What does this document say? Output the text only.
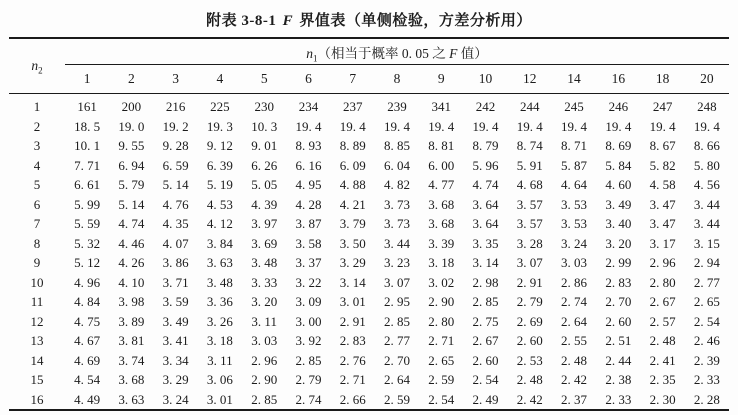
附表 3-8-1 F 界值表（单侧检验，方差分析用）
$n_2$	$n_1$（相当于概率 0. 05 之 F 值）														
	1	2	3	4	5	6	7	8	9	10	12	14	16	18	20
1	161	200	216	225	230	234	237	239	341	242	244	245	246	247	248
2	18. 5	19. 0	19. 2	19. 3	10. 3	19. 4	19. 4	19. 4	19. 4	19. 4	19. 4	19. 4	19. 4	19. 4	19. 4
3	10. 1	9. 55	9. 28	9. 12	9. 01	8. 93	8. 89	8. 85	8. 81	8. 79	8. 74	8. 71	8. 69	8. 67	8. 66
4	7. 71	6. 94	6. 59	6. 39	6. 26	6. 16	6. 09	6. 04	6. 00	5. 96	5. 91	5. 87	5. 84	5. 82	5. 80
5	6. 61	5. 79	5. 14	5. 19	5. 05	4. 95	4. 88	4. 82	4. 77	4. 74	4. 68	4. 64	4. 60	4. 58	4. 56
6	5. 99	5. 14	4. 76	4. 53	4. 39	4. 28	4. 21	3. 73	3. 68	3. 64	3. 57	3. 53	3. 49	3. 47	3. 44
7	5. 59	4. 74	4. 35	4. 12	3. 97	3. 87	3. 79	3. 73	3. 68	3. 64	3. 57	3. 53	3. 40	3. 47	3. 44
8	5. 32	4. 46	4. 07	3. 84	3. 69	3. 58	3. 50	3. 44	3. 39	3. 35	3. 28	3. 24	3. 20	3. 17	3. 15
9	5. 12	4. 26	3. 86	3. 63	3. 48	3. 37	3. 29	3. 23	3. 18	3. 14	3. 07	3. 03	2. 99	2. 96	2. 94
10	4. 96	4. 10	3. 71	3. 48	3. 33	3. 22	3. 14	3. 07	3. 02	2. 98	2. 91	2. 86	2. 83	2. 80	2. 77
11	4. 84	3. 98	3. 59	3. 36	3. 20	3. 09	3. 01	2. 95	2. 90	2. 85	2. 79	2. 74	2. 70	2. 67	2. 65
12	4. 75	3. 89	3. 49	3. 26	3. 11	3. 00	2. 91	2. 85	2. 80	2. 75	2. 69	2. 64	2. 60	2. 57	2. 54
13	4. 67	3. 81	3. 41	3. 18	3. 03	3. 92	2. 83	2. 77	2. 71	2. 67	2. 60	2. 55	2. 51	2. 48	2. 46
14	4. 69	3. 74	3. 34	3. 11	2. 96	2. 85	2. 76	2. 70	2. 65	2. 60	2. 53	2. 48	2. 44	2. 41	2. 39
15	4. 54	3. 68	3. 29	3. 06	2. 90	2. 79	2. 71	2. 64	2. 59	2. 54	2. 48	2. 42	2. 38	2. 35	2. 33
16	4. 49	3. 63	3. 24	3. 01	2. 85	2. 74	2. 66	2. 59	2. 54	2. 49	2. 42	2. 37	2. 33	2. 30	2. 28
